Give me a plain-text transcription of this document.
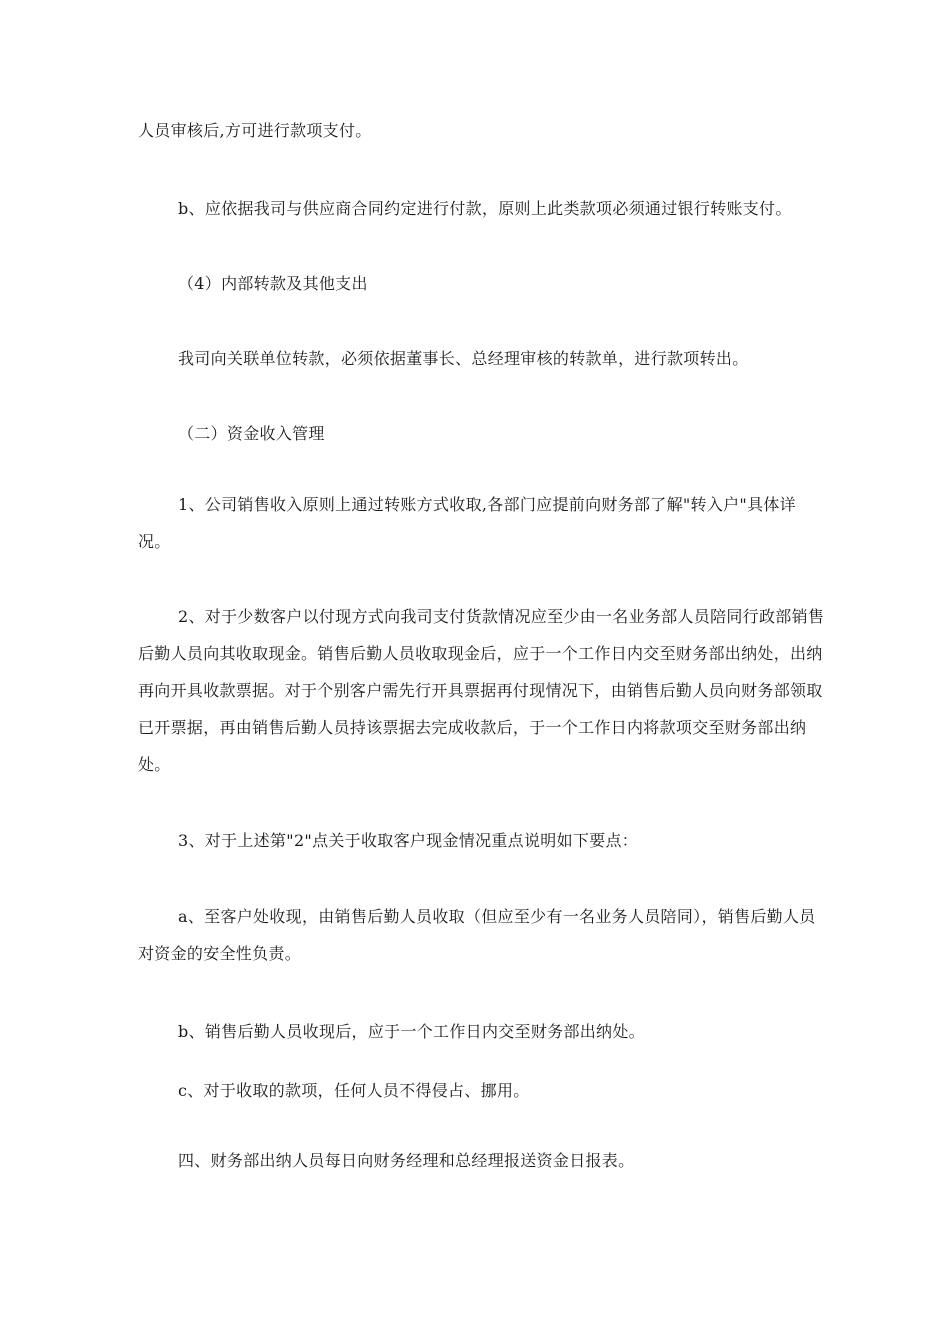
人员审核后,方可进行款项支付。

b、应依据我司与供应商合同约定进行付款，原则上此类款项必须通过银行转账支付。

（4）内部转款及其他支出

我司向关联单位转款，必须依据董事长、总经理审核的转款单，进行款项转出。

（二）资金收入管理

1、公司销售收入原则上通过转账方式收取,各部门应提前向财务部了解"转入户"具体详况。

2、对于少数客户以付现方式向我司支付货款情况应至少由一名业务部人员陪同行政部销售后勤人员向其收取现金。销售后勤人员收取现金后，应于一个工作日内交至财务部出纳处，出纳再向开具收款票据。对于个别客户需先行开具票据再付现情况下，由销售后勤人员向财务部领取已开票据，再由销售后勤人员持该票据去完成收款后，于一个工作日内将款项交至财务部出纳处。

3、对于上述第"2"点关于收取客户现金情况重点说明如下要点：

a、至客户处收现，由销售后勤人员收取（但应至少有一名业务人员陪同），销售后勤人员对资金的安全性负责。

b、销售后勤人员收现后，应于一个工作日内交至财务部出纳处。

c、对于收取的款项，任何人员不得侵占、挪用。

四、财务部出纳人员每日向财务经理和总经理报送资金日报表。
